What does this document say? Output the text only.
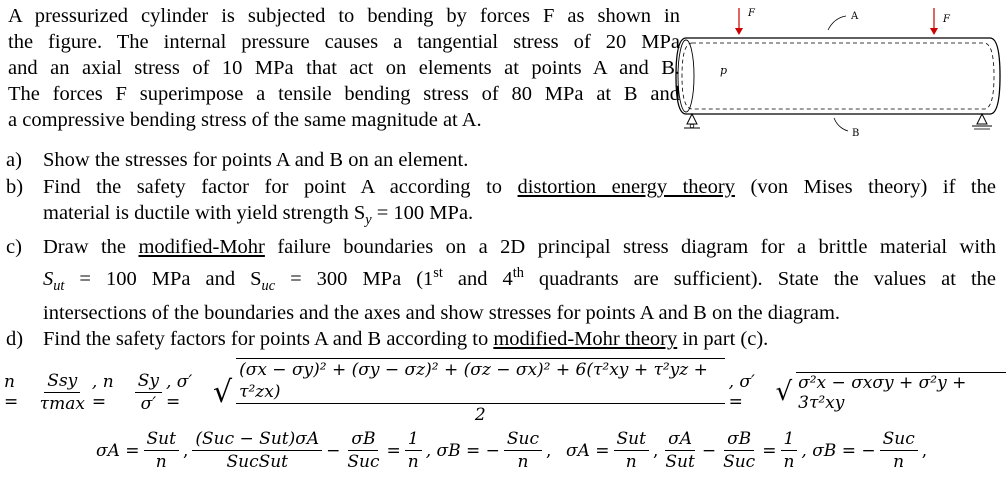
A pressurized cylinder is subjected to bending by forces F as shown in
the figure. The internal pressure causes a tangential stress of 20 MPa
and an axial stress of 10 MPa that act on elements at points A and B.
The forces F superimpose a tensile bending stress of 80 MPa at B and
a compressive bending stress of the same magnitude at A.
F
F
A
B
p
a)	Show the stresses for points A and B on an element.
b) Find the safety factor for point A according to distortion energy theory (von Mises theory) if the
material is ductile with yield strength $S_y = 100$ MPa.
c)	Draw the modified-Mohr failure boundaries on a 2D principal stress diagram for a brittle material with
$S_{ut} = 100$ MPa and $S_{uc} = 300$ MPa (1st and 4th quadrants are sufficient). State the values at the
intersections of the boundaries and the axes and show stresses for points A and B on the diagram.
d) Find the safety factors for points A and B according to modified-Mohr theory in part (c).
n =	$\frac{\text{Ssy}}{\tau\max}$ , n =	$\frac{Sy}{\sigma'}$ , σ′ =	√ $\frac{\text{(σx − σy)² + (σy − σz)² + (σz − σx)² + 6(τ²xy + τ²yz + τ²zx)}}{2}$ , σ′ =	√ σ²x − σxσy + σ²y + 3τ²xy
$\sigma A = \frac{\text{Sut}}{n}$ , $\frac{\text{(Suc − Sut)σA}}{\text{SucSut}} - \frac{\sigma B}{\text{Suc}} = \frac{1}{n}$ , σB = − $\frac{\text{Suc}}{n}$ , $\sigma A = \frac{\text{Sut}}{n}$ , $\frac{\sigma A}{\text{Sut}} - \frac{\sigma B}{\text{Suc}} = \frac{1}{n}$ , σB = − $\frac{\text{Suc}}{n}$ ,
